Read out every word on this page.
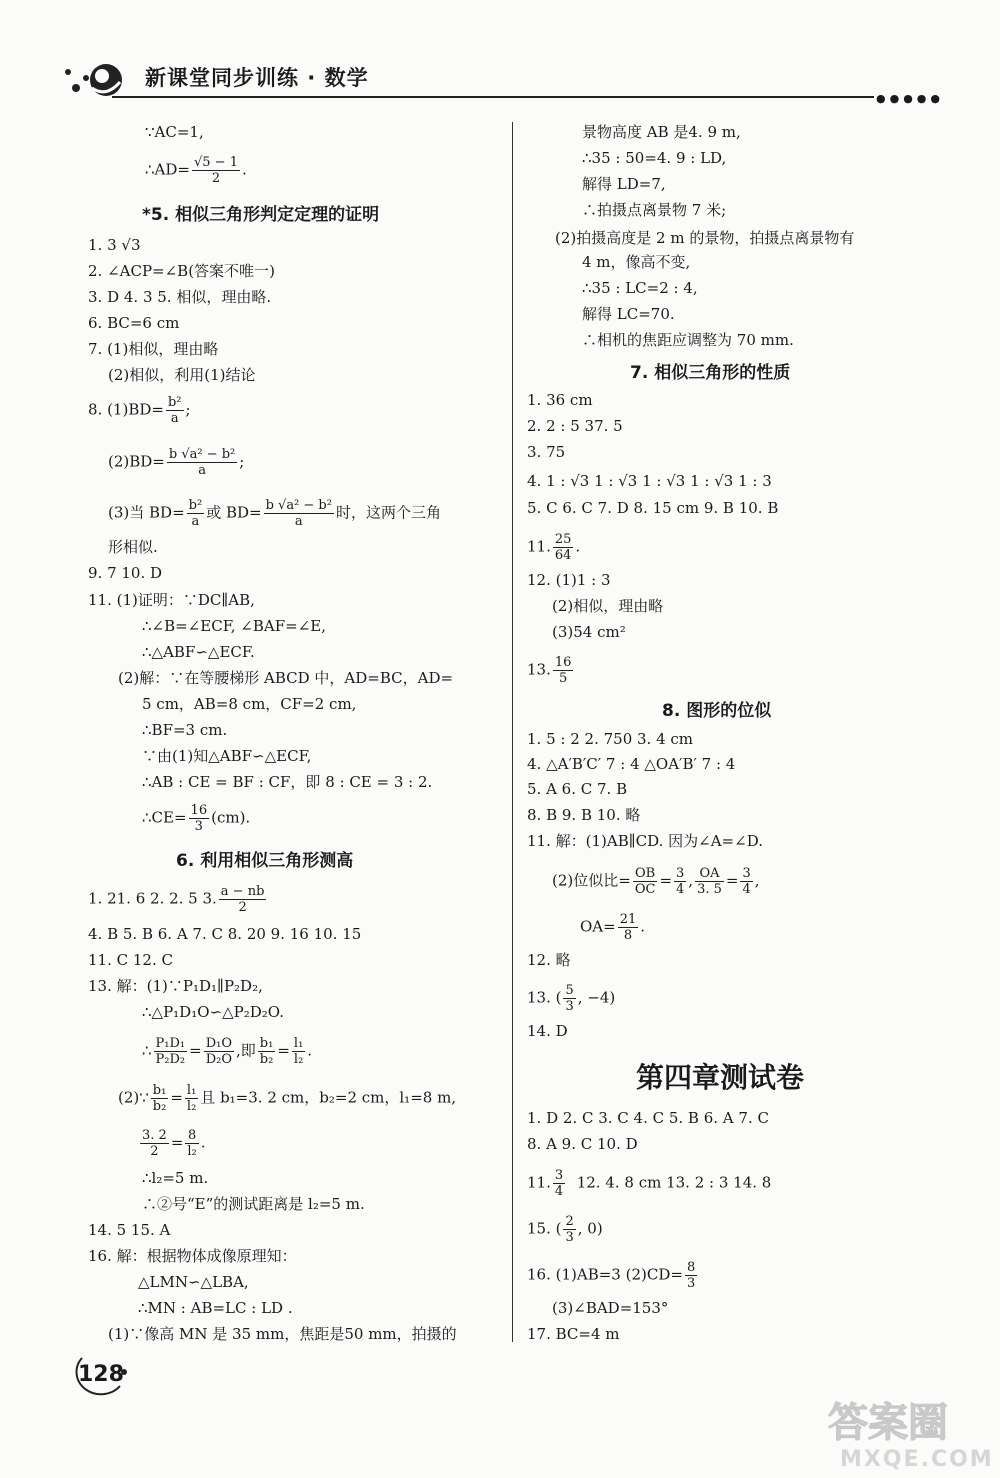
新课堂同步训练 · 数学
●●●●●
∵AC=1,
∴AD= $\frac{√5 - 1}{2}$ .
*5. 相似三角形判定定理的证明
1. 3 √3
2. ∠ACP=∠B(答案不唯一)
3. D 4. 3 5. 相似，理由略.
6. BC=6 cm
7. (1)相似，理由略
(2)相似，利用(1)结论
8. $(1)BD= \frac{\text{b²}}{a}$ ;
$(2)BD= \frac{\text{b √a² − b²}}{a}$ ;
(3)当 $BD= \frac{\text{b²}}{a}$ 或 $BD= \frac{\text{b √a² − b²}}{a}$ 时，这两个三角
形相似.
9. 7 10. D
11. (1)证明：∵DC∥AB,
∴∠B=∠ECF, ∠BAF=∠E,
∴△ABF∽△ECF.
(2)解：∵在等腰梯形 ABCD 中，AD=BC，AD=
5 cm，AB=8 cm，CF=2 cm,
∴BF=3 cm.
∵由(1)知△ABF∽△ECF,
∴AB : CE = BF : CF，即 8 : CE = 3 : 2.
∴CE= $\frac{16}{3} (cm)$.
6. 利用相似三角形测高
1. 21. 6 2. 2. 5 3. $\frac{a - nb}{2}$
4. B 5. B 6. A 7. C 8. 20 9. 16 10. 15
11. C 12. C
13. 解：(1)∵P₁D₁∥P₂D₂,
∴△P₁D₁O∽△P₂D₂O.
∴ $\frac{\text{P₁D₁}}{\text{P₂D₂}} = \frac{\text{D₁O}}{\text{D₂O}}$ ,即 $\frac{\text{b₁}}{\text{b₂}} = \frac{\text{l₁}}{\text{l₂}}$ .
(2)∵ $\frac{\text{b₁}}{\text{b₂}} = \frac{\text{l₁}}{\text{l₂}}$ 且 b₁=3. 2 cm，b₂=2 cm，l₁=8 m,
$\frac{3. 2}{2} = \frac{8}{\text{l₂}}$ .
∴l₂=5 m.
∴②号“E”的测试距离是 l₂=5 m.
14. 5 15. A
16. 解：根据物体成像原理知：
△LMN∽△LBA,
∴MN : AB=LC : LD .
(1)∵像高 MN 是 35 mm，焦距是50 mm，拍摄的
景物高度 AB 是4. 9 m,
∴35 : 50=4. 9 : LD,
解得 LD=7,
∴拍摄点离景物 7 米;
(2)拍摄高度是 2 m 的景物，拍摄点离景物有
4 m，像高不变,
∴35 : LC=2 : 4,
解得 LC=70.
∴相机的焦距应调整为 70 mm.
7. 相似三角形的性质
1. 36 cm
2. 2 : 5 37. 5
3. 75
4. 1 : √3 1 : √3 1 : √3 1 : √3 1 : 3
5. C 6. C 7. D 8. 15 cm 9. B 10. B
11. $\frac{25}{64}$ .
12. (1)1 : 3
(2)相似，理由略
(3)54 cm²
13. $\frac{16}{5}$
8. 图形的位似
1. 5 : 2 2. 750 3. 4 cm
4. △A′B′C′ 7 : 4 △OA′B′ 7 : 4
5. A 6. C 7. B
8. B 9. B 10. 略
11. 解：(1)AB∥CD. 因为∠A=∠D.
(2)位似比= $\frac{OB}{OC} = \frac{3}{4}$ , $\frac{OA}{3. 5} = \frac{3}{4}$ ,
$OA= \frac{21}{8}$ .
12. 略
13. ( $\frac{5}{3}$ , −4)
14. D
第四章测试卷
1. D 2. C 3. C 4. C 5. B 6. A 7. C
8. A 9. C 10. D
11. $\frac{3}{4} 12$. 4. 8 cm 13. 2 : 3 14. 8
15. ( $\frac{2}{3}$ , 0)
16. (1)AB=3 $(2)CD= \frac{8}{3}$
(3)∠BAD=153°
17. BC=4 m
128
答案圈
MXQE.COM
